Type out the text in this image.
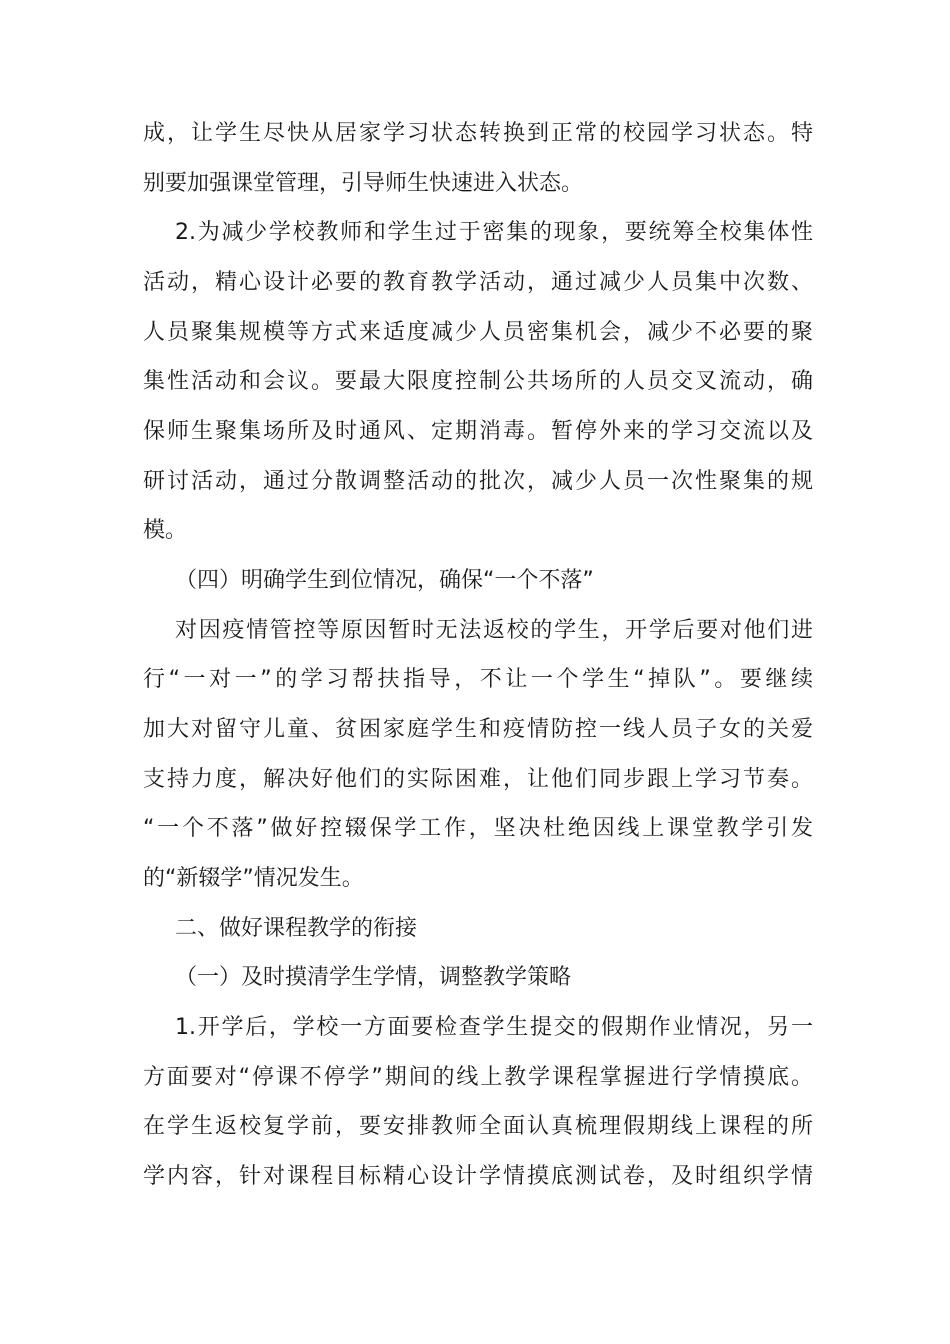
成，让学生尽快从居家学习状态转换到正常的校园学习状态。特
别要加强课堂管理，引导师生快速进入状态。
2.为减少学校教师和学生过于密集的现象，要统筹全校集体性
活动，精心设计必要的教育教学活动，通过减少人员集中次数、
人员聚集规模等方式来适度减少人员密集机会，减少不必要的聚
集性活动和会议。要最大限度控制公共场所的人员交叉流动，确
保师生聚集场所及时通风、定期消毒。暂停外来的学习交流以及
研讨活动，通过分散调整活动的批次，减少人员一次性聚集的规
模。
（四）明确学生到位情况，确保“一个不落”
对因疫情管控等原因暂时无法返校的学生，开学后要对他们进
行“一对一”的学习帮扶指导，不让一个学生“掉队”。要继续
加大对留守儿童、贫困家庭学生和疫情防控一线人员子女的关爱
支持力度，解决好他们的实际困难，让他们同步跟上学习节奏。
“一个不落”做好控辍保学工作，坚决杜绝因线上课堂教学引发
的“新辍学”情况发生。
二、做好课程教学的衔接
（一）及时摸清学生学情，调整教学策略
1.开学后，学校一方面要检查学生提交的假期作业情况，另一
方面要对“停课不停学”期间的线上教学课程掌握进行学情摸底。
在学生返校复学前，要安排教师全面认真梳理假期线上课程的所
学内容，针对课程目标精心设计学情摸底测试卷，及时组织学情
